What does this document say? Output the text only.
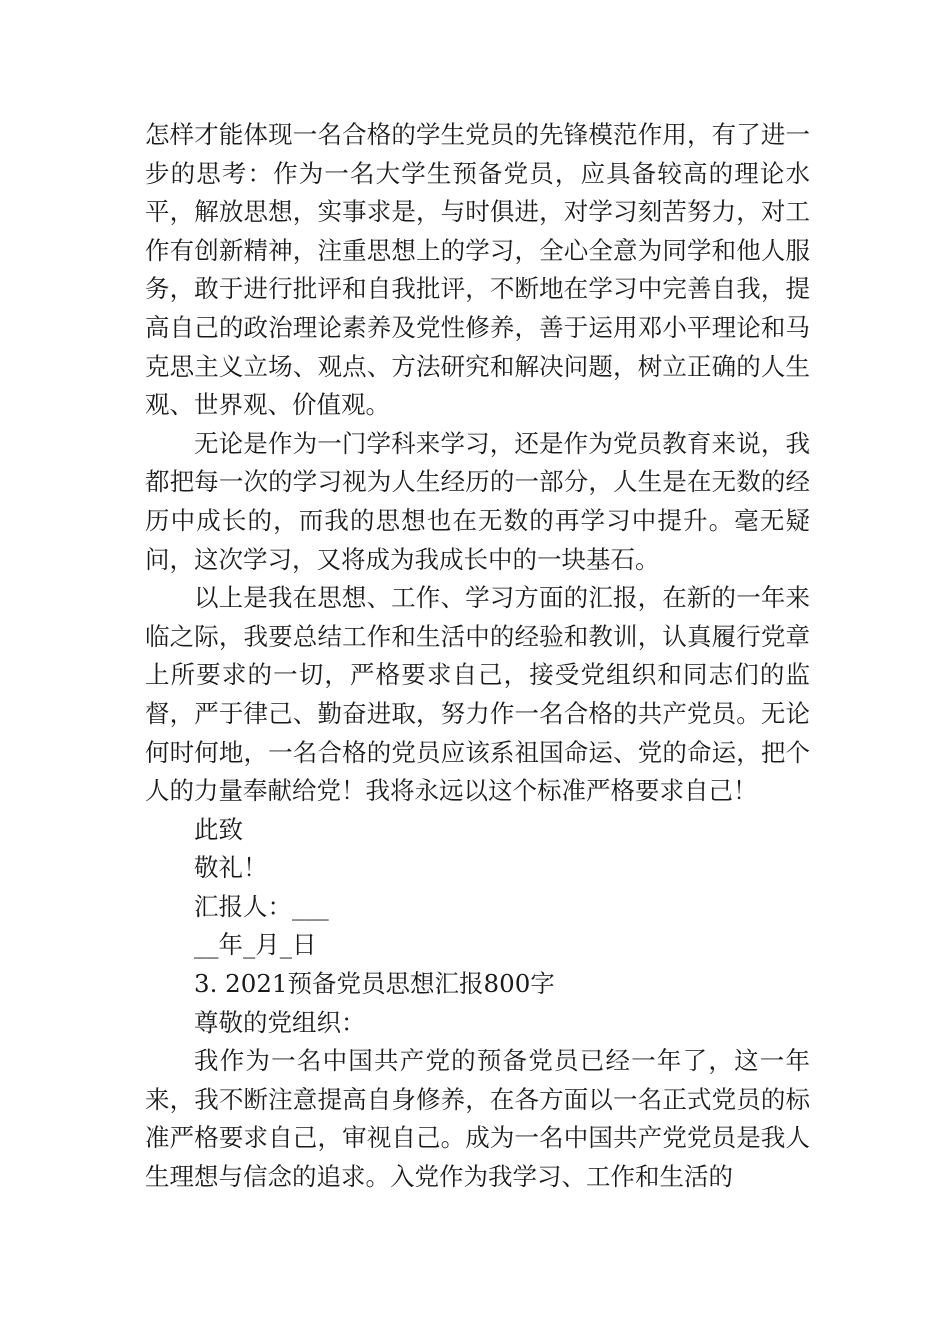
怎样才能体现一名合格的学生党员的先锋模范作用，有了进一步的思考：作为一名大学生预备党员，应具备较高的理论水平，解放思想，实事求是，与时俱进，对学习刻苦努力，对工作有创新精神，注重思想上的学习，全心全意为同学和他人服务，敢于进行批评和自我批评，不断地在学习中完善自我，提高自己的政治理论素养及党性修养，善于运用邓小平理论和马克思主义立场、观点、方法研究和解决问题，树立正确的人生观、世界观、价值观。

无论是作为一门学科来学习，还是作为党员教育来说，我都把每一次的学习视为人生经历的一部分，人生是在无数的经历中成长的，而我的思想也在无数的再学习中提升。毫无疑问，这次学习，又将成为我成长中的一块基石。

以上是我在思想、工作、学习方面的汇报，在新的一年来临之际，我要总结工作和生活中的经验和教训，认真履行党章上所要求的一切，严格要求自己，接受党组织和同志们的监督，严于律己、勤奋进取，努力作一名合格的共产党员。无论何时何地，一名合格的党员应该系祖国命运、党的命运，把个人的力量奉献给党！我将永远以这个标准严格要求自己！

此致

敬礼！

汇报人：___

__年_月_日

3. 2021预备党员思想汇报800字

尊敬的党组织：

我作为一名中国共产党的预备党员已经一年了，这一年来，我不断注意提高自身修养，在各方面以一名正式党员的标准严格要求自己，审视自己。成为一名中国共产党党员是我人生理想与信念的追求。入党作为我学习、工作和生活的
